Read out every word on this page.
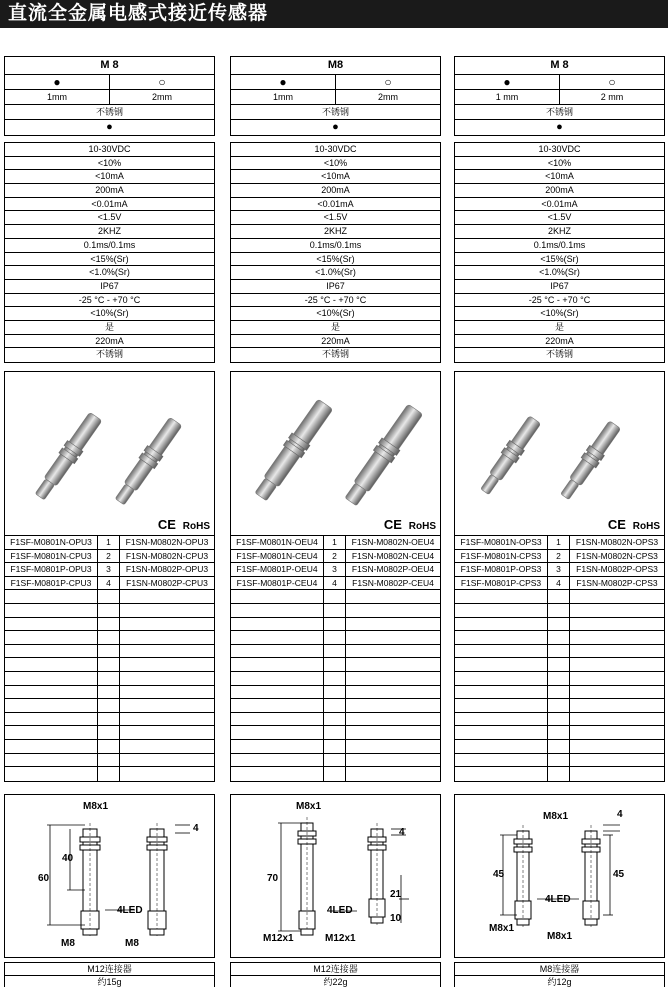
直流全金属电感式接近传感器
M 8
●	○
1mm	2mm
不锈钢
●
10-30VDC
<10%
<10mA
200mA
<0.01mA
<1.5V
2KHZ
0.1ms/0.1ms
<15%(Sr)
<1.0%(Sr)
IP67
-25 °C - +70 °C
<10%(Sr)
是
220mA
不锈钢
CE RoHS
F1SF-M0801N-OPU3	1	F1SN-M0802N-OPU3
F1SF-M0801N-CPU3	2	F1SN-M0802N-CPU3
F1SF-M0801P-OPU3	3	F1SN-M0802P-OPU3
F1SF-M0801P-CPU3	4	F1SN-M0802P-CPU3
M8x1
60
40
4
4LED
M8	M8
M12连接器
约15g
M8
●	○
1mm	2mm
不锈钢
●
10-30VDC
<10%
<10mA
200mA
<0.01mA
<1.5V
2KHZ
0.1ms/0.1ms
<15%(Sr)
<1.0%(Sr)
IP67
-25 °C - +70 °C
<10%(Sr)
是
220mA
不锈钢
CE RoHS
F1SF-M0801N-OEU4	1	F1SN-M0802N-OEU4
F1SF-M0801N-CEU4	2	F1SN-M0802N-CEU4
F1SF-M0801P-OEU4	3	F1SN-M0802P-OEU4
F1SF-M0801P-CEU4	4	F1SN-M0802P-CEU4
M8x1
70
4
21
10
4LED
M12x1	M12x1
M12连接器
约22g
M 8
●	○
1 mm	2 mm
不锈钢
●
10-30VDC
<10%
<10mA
200mA
<0.01mA
<1.5V
2KHZ
0.1ms/0.1ms
<15%(Sr)
<1.0%(Sr)
IP67
-25 °C - +70 °C
<10%(Sr)
是
220mA
不锈钢
CE RoHS
F1SF-M0801N-OPS3	1	F1SN-M0802N-OPS3
F1SF-M0801N-CPS3	2	F1SN-M0802N-CPS3
F1SF-M0801P-OPS3	3	F1SN-M0802P-OPS3
F1SF-M0801P-CPS3	4	F1SN-M0802P-CPS3
M8x1
45	45
4
4LED
M8x1
M8x1
M8连接器
约12g
